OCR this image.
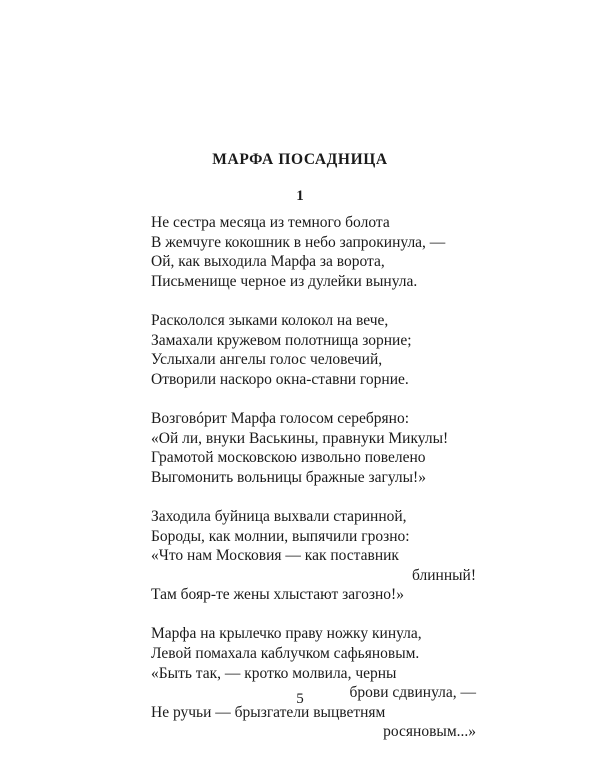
МАРФА ПОСАДНИЦА
1
Не сестра месяца из темного болота
В жемчуге кокошник в небо запрокинула, —
Ой, как выходила Марфа за ворота,
Письменище черное из дулейки вынула.
Раскололся зыками колокол на вече,
Замахали кружевом полотнища зорние;
Услыхали ангелы голос человечий,
Отворили наскоро окна-ставни горние.
Возговóрит Марфа голосом серебряно:
«Ой ли, внуки Васькины, правнуки Микулы!
Грамотой московскою извольно повелено
Выгомонить вольницы бражные загулы!»
Заходила буйница выхвали старинной,
Бороды, как молнии, выпячили грозно:
«Что нам Московия — как поставник
блинный!
Там бояр-те жены хлыстают загозно!»
Марфа на крылечко праву ножку кинула,
Левой помахала каблучком сафьяновым.
«Быть так, — кротко молвила, черны
брови сдвинула, —
Не ручьи — брызгатели выцветням
росяновым...»
5
